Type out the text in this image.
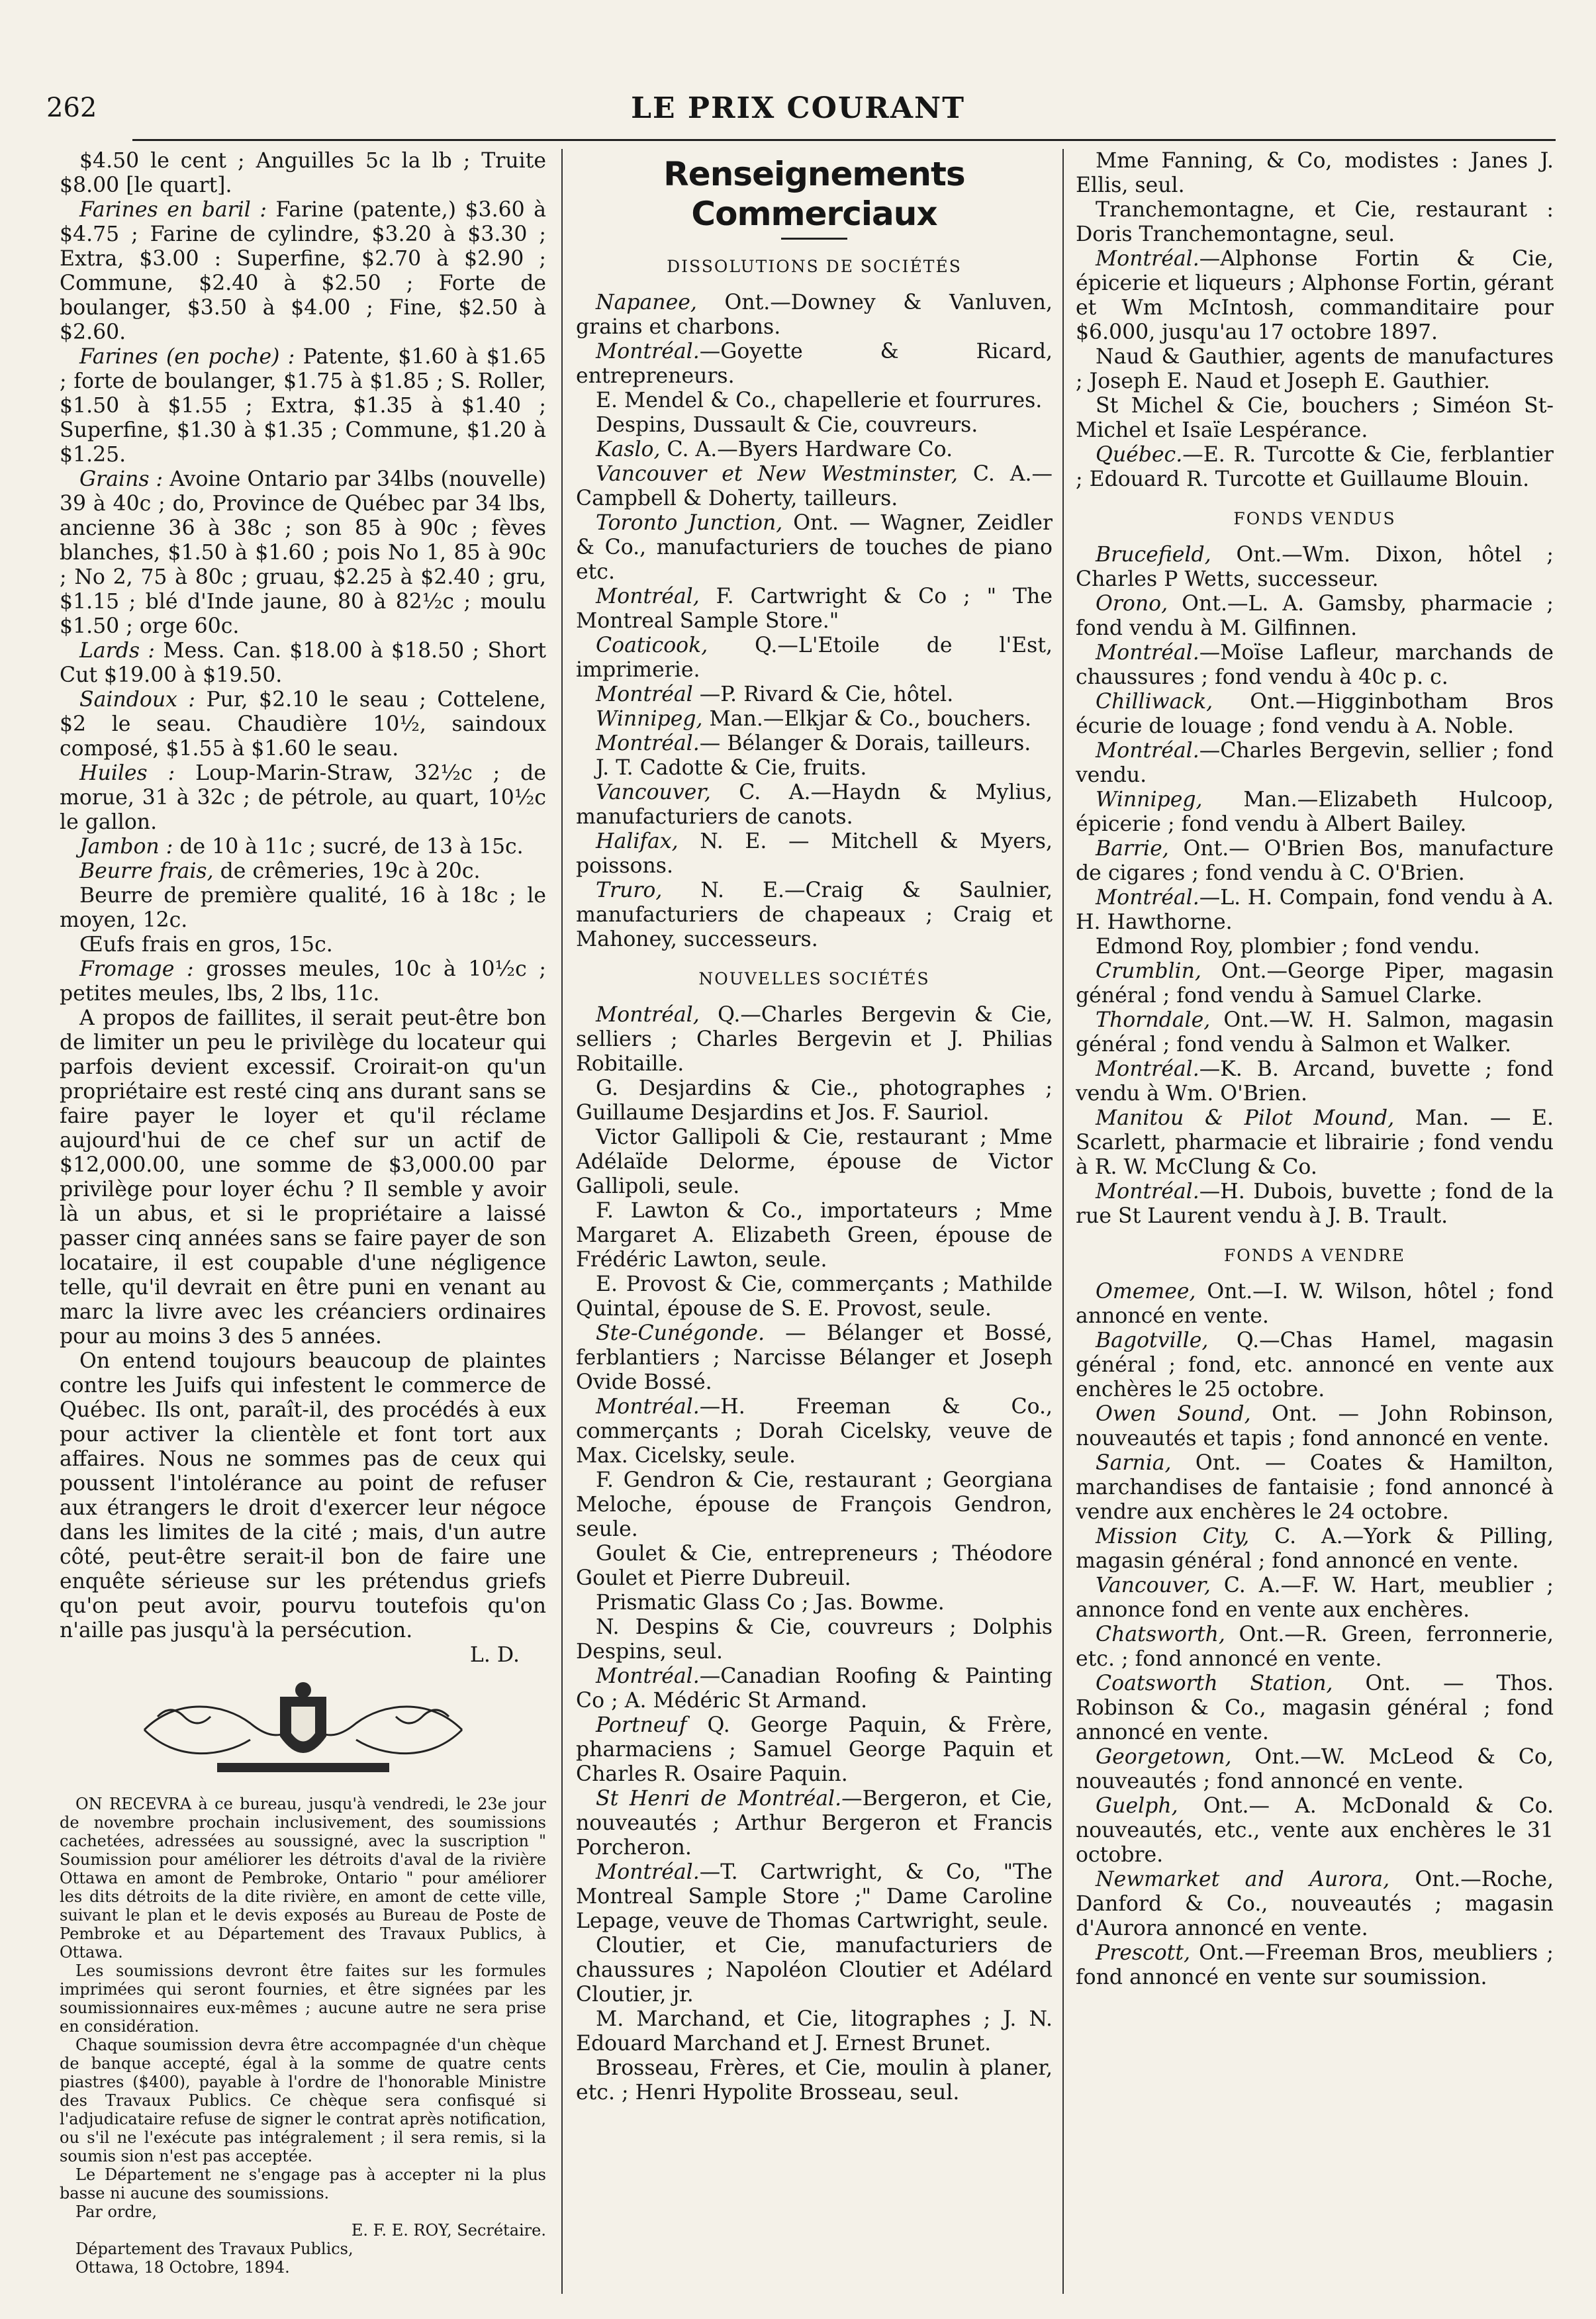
262	LE PRIX COURANT

$4.50 le cent ; Anguilles 5c la lb ; Truite $8.00 [le quart].

Farines en baril : Farine (patente,) $3.60 à $4.75 ; Farine de cylindre, $3.20 à $3.30 ; Extra, $3.00 : Superfine, $2.70 à $2.90 ; Commune, $2.40 à $2.50 ; Forte de boulanger, $3.50 à $4.00 ; Fine, $2.50 à $2.60.

Farines (en poche) : Patente, $1.60 à $1.65 ; forte de boulanger, $1.75 à $1.85 ; S. Roller, $1.50 à $1.55 ; Extra, $1.35 à $1.40 ; Superfine, $1.30 à $1.35 ; Commune, $1.20 à $1.25.

Grains : Avoine Ontario par 34lbs (nouvelle) 39 à 40c ; do, Province de Québec par 34 lbs, ancienne 36 à 38c ; son 85 à 90c ; fèves blanches, $1.50 à $1.60 ; pois No 1, 85 à 90c ; No 2, 75 à 80c ; gruau, $2.25 à $2.40 ; gru, $1.15 ; blé d'Inde jaune, 80 à 82½c ; moulu $1.50 ; orge 60c.

Lards : Mess. Can. $18.00 à $18.50 ; Short Cut $19.00 à $19.50.

Saindoux : Pur, $2.10 le seau ; Cottelene, $2 le seau. Chaudière 10½, saindoux composé, $1.55 à $1.60 le seau.

Huiles : Loup-Marin-Straw, 32½c ; de morue, 31 à 32c ; de pétrole, au quart, 10½c le gallon.

Jambon : de 10 à 11c ; sucré, de 13 à 15c.

Beurre frais, de crêmeries, 19c à 20c.

Beurre de première qualité, 16 à 18c ; le moyen, 12c.

Œufs frais en gros, 15c.

Fromage : grosses meules, 10c à 10½c ; petites meules, lbs, 2 lbs, 11c.

A propos de faillites, il serait peut-être bon de limiter un peu le privilège du locateur qui parfois devient excessif. Croirait-on qu'un propriétaire est resté cinq ans durant sans se faire payer le loyer et qu'il réclame aujourd'hui de ce chef sur un actif de $12,000.00, une somme de $3,000.00 par privilège pour loyer échu ? Il semble y avoir là un abus, et si le propriétaire a laissé passer cinq années sans se faire payer de son locataire, il est coupable d'une négligence telle, qu'il devrait en être puni en venant au marc la livre avec les créanciers ordinaires pour au moins 3 des 5 années.

On entend toujours beaucoup de plaintes contre les Juifs qui infestent le commerce de Québec. Ils ont, paraît-il, des procédés à eux pour activer la clientèle et font tort aux affaires. Nous ne sommes pas de ceux qui poussent l'intolérance au point de refuser aux étrangers le droit d'exercer leur négoce dans les limites de la cité ; mais, d'un autre côté, peut-être serait-il bon de faire une enquête sérieuse sur les prétendus griefs qu'on peut avoir, pourvu toutefois qu'on n'aille pas jusqu'à la persécution.

L. D.

ON RECEVRA à ce bureau, jusqu'à vendredi, le 23e jour de novembre prochain inclusivement, des soumissions cachetées, adressées au soussigné, avec la suscription " Soumission pour améliorer les détroits d'aval de la rivière Ottawa en amont de Pembroke, Ontario " pour améliorer les dits détroits de la dite rivière, en amont de cette ville, suivant le plan et le devis exposés au Bureau de Poste de Pembroke et au Département des Travaux Publics, à Ottawa.

Les soumissions devront être faites sur les formules imprimées qui seront fournies, et être signées par les soumissionnaires eux-mêmes ; aucune autre ne sera prise en considération.

Chaque soumission devra être accompagnée d'un chèque de banque accepté, égal à la somme de quatre cents piastres ($400), payable à l'ordre de l'honorable Ministre des Travaux Publics. Ce chèque sera confisqué si l'adjudicataire refuse de signer le contrat après notification, ou s'il ne l'exécute pas intégralement ; il sera remis, si la soumis sion n'est pas acceptée.

Le Département ne s'engage pas à accepter ni la plus basse ni aucune des soumissions.

Par ordre,

E. F. E. ROY, Secrétaire.

Département des Travaux Publics,

Ottawa, 18 Octobre, 1894.

Renseignements Commerciaux

DISSOLUTIONS DE SOCIÉTÉS

Napanee, Ont.—Downey & Vanluven, grains et charbons.

Montréal.—Goyette & Ricard, entrepreneurs.

E. Mendel & Co., chapellerie et fourrures.

Despins, Dussault & Cie, couvreurs.

Kaslo, C. A.—Byers Hardware Co.

Vancouver et New Westminster, C. A.—Campbell & Doherty, tailleurs.

Toronto Junction, Ont. — Wagner, Zeidler & Co., manufacturiers de touches de piano etc.

Montréal, F. Cartwright & Co ; " The Montreal Sample Store."

Coaticook, Q.—L'Etoile de l'Est, imprimerie.

Montréal —P. Rivard & Cie, hôtel.

Winnipeg, Man.—Elkjar & Co., bouchers.

Montréal.— Bélanger & Dorais, tailleurs.

J. T. Cadotte & Cie, fruits.

Vancouver, C. A.—Haydn & Mylius, manufacturiers de canots.

Halifax, N. E. — Mitchell & Myers, poissons.

Truro, N. E.—Craig & Saulnier, manufacturiers de chapeaux ; Craig et Mahoney, successeurs.

NOUVELLES SOCIÉTÉS

Montréal, Q.—Charles Bergevin & Cie, selliers ; Charles Bergevin et J. Philias Robitaille.

G. Desjardins & Cie., photographes ; Guillaume Desjardins et Jos. F. Sauriol.

Victor Gallipoli & Cie, restaurant ; Mme Adélaïde Delorme, épouse de Victor Gallipoli, seule.

F. Lawton & Co., importateurs ; Mme Margaret A. Elizabeth Green, épouse de Frédéric Lawton, seule.

E. Provost & Cie, commerçants ; Mathilde Quintal, épouse de S. E. Provost, seule.

Ste-Cunégonde. — Bélanger et Bossé, ferblantiers ; Narcisse Bélanger et Joseph Ovide Bossé.

Montréal.—H. Freeman & Co., commerçants ; Dorah Cicelsky, veuve de Max. Cicelsky, seule.

F. Gendron & Cie, restaurant ; Georgiana Meloche, épouse de François Gendron, seule.

Goulet & Cie, entrepreneurs ; Théodore Goulet et Pierre Dubreuil.

Prismatic Glass Co ; Jas. Bowme.

N. Despins & Cie, couvreurs ; Dolphis Despins, seul.

Montréal.—Canadian Roofing & Painting Co ; A. Médéric St Armand.

Portneuf Q. George Paquin, & Frère, pharmaciens ; Samuel George Paquin et Charles R. Osaire Paquin.

St Henri de Montréal.—Bergeron, et Cie, nouveautés ; Arthur Bergeron et Francis Porcheron.

Montréal.—T. Cartwright, & Co, "The Montreal Sample Store ;" Dame Caroline Lepage, veuve de Thomas Cartwright, seule.

Cloutier, et Cie, manufacturiers de chaussures ; Napoléon Cloutier et Adélard Cloutier, jr.

M. Marchand, et Cie, litographes ; J. N. Edouard Marchand et J. Ernest Brunet.

Brosseau, Frères, et Cie, moulin à planer, etc. ; Henri Hypolite Brosseau, seul.

Mme Fanning, & Co, modistes : Janes J. Ellis, seul.

Tranchemontagne, et Cie, restaurant : Doris Tranchemontagne, seul.

Montréal.—Alphonse Fortin & Cie, épicerie et liqueurs ; Alphonse Fortin, gérant et Wm McIntosh, commanditaire pour $6.000, jusqu'au 17 octobre 1897.

Naud & Gauthier, agents de manufactures ; Joseph E. Naud et Joseph E. Gauthier.

St Michel & Cie, bouchers ; Siméon St-Michel et Isaïe Lespérance.

Québec.—E. R. Turcotte & Cie, ferblantier ; Edouard R. Turcotte et Guillaume Blouin.

FONDS VENDUS

Brucefield, Ont.—Wm. Dixon, hôtel ; Charles P Wetts, successeur.

Orono, Ont.—L. A. Gamsby, pharmacie ; fond vendu à M. Gilfinnen.

Montréal.—Moïse Lafleur, marchands de chaussures ; fond vendu à 40c p. c.

Chilliwack, Ont.—Higginbotham Bros écurie de louage ; fond vendu à A. Noble.

Montréal.—Charles Bergevin, sellier ; fond vendu.

Winnipeg, Man.—Elizabeth Hulcoop, épicerie ; fond vendu à Albert Bailey.

Barrie, Ont.— O'Brien Bos, manufacture de cigares ; fond vendu à C. O'Brien.

Montréal.—L. H. Compain, fond vendu à A. H. Hawthorne.

Edmond Roy, plombier ; fond vendu.

Crumblin, Ont.—George Piper, magasin général ; fond vendu à Samuel Clarke.

Thorndale, Ont.—W. H. Salmon, magasin général ; fond vendu à Salmon et Walker.

Montréal.—K. B. Arcand, buvette ; fond vendu à Wm. O'Brien.

Manitou & Pilot Mound, Man. — E. Scarlett, pharmacie et librairie ; fond vendu à R. W. McClung & Co.

Montréal.—H. Dubois, buvette ; fond de la rue St Laurent vendu à J. B. Trault.

FONDS A VENDRE

Omemee, Ont.—I. W. Wilson, hôtel ; fond annoncé en vente.

Bagotville, Q.—Chas Hamel, magasin général ; fond, etc. annoncé en vente aux enchères le 25 octobre.

Owen Sound, Ont. — John Robinson, nouveautés et tapis ; fond annoncé en vente.

Sarnia, Ont. — Coates & Hamilton, marchandises de fantaisie ; fond annoncé à vendre aux enchères le 24 octobre.

Mission City, C. A.—York & Pilling, magasin général ; fond annoncé en vente.

Vancouver, C. A.—F. W. Hart, meublier ; annonce fond en vente aux enchères.

Chatsworth, Ont.—R. Green, ferronnerie, etc. ; fond annoncé en vente.

Coatsworth Station, Ont. — Thos. Robinson & Co., magasin général ; fond annoncé en vente.

Georgetown, Ont.—W. McLeod & Co, nouveautés ; fond annoncé en vente.

Guelph, Ont.— A. McDonald & Co. nouveautés, etc., vente aux enchères le 31 octobre.

Newmarket and Aurora, Ont.—Roche, Danford & Co., nouveautés ; magasin d'Aurora annoncé en vente.

Prescott, Ont.—Freeman Bros, meubliers ; fond annoncé en vente sur soumission.
